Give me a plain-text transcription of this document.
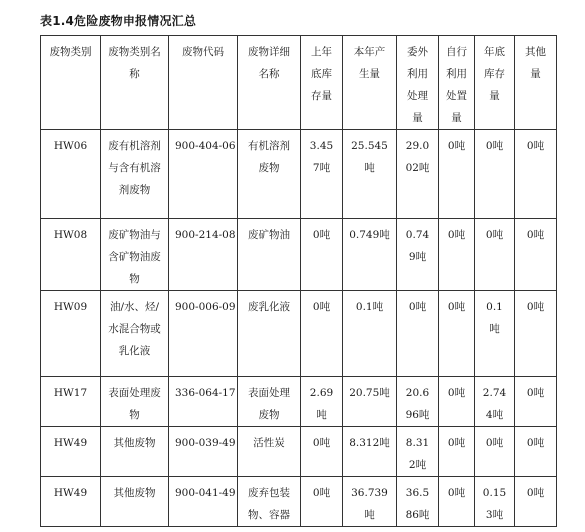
表1.4危险废物申报情况汇总
废物类别	废物类别名称	废物代码	废物详细名称	上年底库存量	本年产生量	委外利用处理量	自行利用处置量	年底库存量	其他量
HW06	废有机溶剂与含有机溶剂废物	900-404-06	有机溶剂废物	3.457吨	25.545吨	29.002吨	0吨	0吨	0吨
HW08	废矿物油与含矿物油废物	900-214-08	废矿物油	0吨	0.749吨	0.749吨	0吨	0吨	0吨
HW09	油/水、烃/水混合物或乳化液	900-006-09	废乳化液	0吨	0.1吨	0吨	0吨	0.1吨	0吨
HW17	表面处理废物	336-064-17	表面处理废物	2.69吨	20.75吨	20.696吨	0吨	2.744吨	0吨
HW49	其他废物	900-039-49	活性炭	0吨	8.312吨	8.312吨	0吨	0吨	0吨
HW49	其他废物	900-041-49	废弃包装物、容器	0吨	36.739吨	36.586吨	0吨	0.153吨	0吨
